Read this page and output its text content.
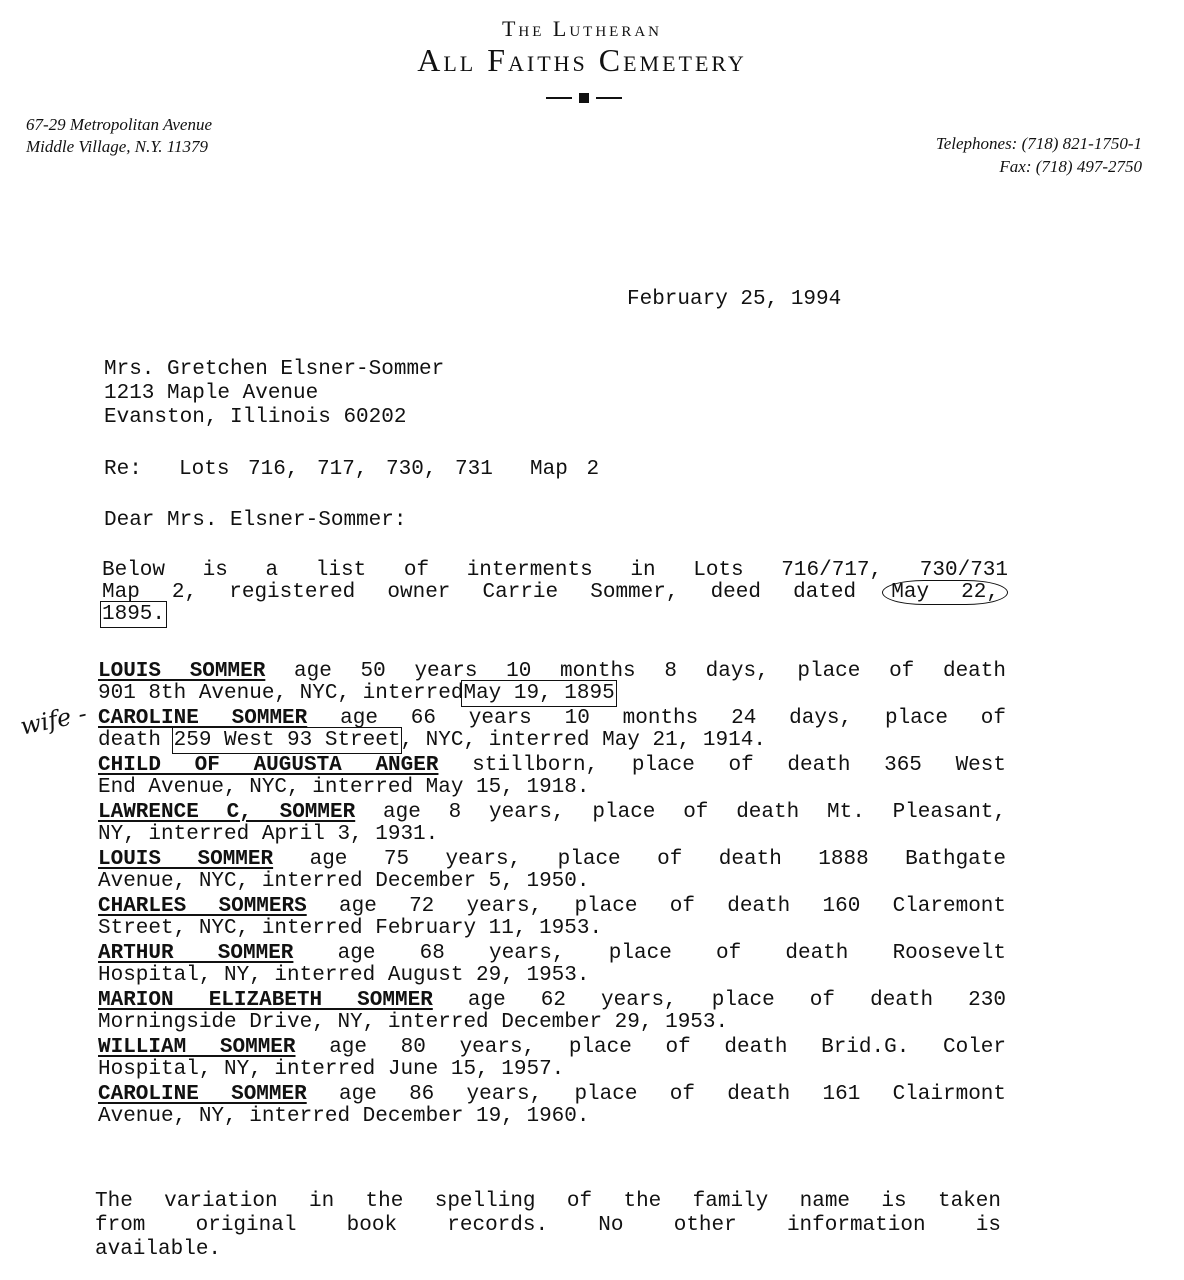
The Lutheran
All Faiths Cemetery
67-29 Metropolitan Avenue
Middle Village, N.Y. 11379	Telephones: (718) 821-1750-1
Fax: (718) 497-2750
February 25, 1994
Mrs. Gretchen Elsner-Sommer
1213 Maple Avenue
Evanston, Illinois 60202
Re:  Lots 716, 717, 730, 731  Map 2
Dear Mrs. Elsner-Sommer:
Below is a list of interments in Lots 716/717, 730/731
Map 2, registered owner Carrie Sommer, deed dated May 22,
1895.
wife -
LOUIS SOMMER age 50 years 10 months 8 days, place of death
901 8th Avenue, NYC, interredMay 19, 1895
CAROLINE SOMMER age 66 years 10 months 24 days, place of
death 259 West 93 Street, NYC, interred May 21, 1914.
CHILD OF AUGUSTA ANGER stillborn, place of death 365 West
End Avenue, NYC, interred May 15, 1918.
LAWRENCE C, SOMMER age 8 years, place of death Mt. Pleasant,
NY, interred April 3, 1931.
LOUIS SOMMER age 75 years, place of death 1888 Bathgate
Avenue, NYC, interred December 5, 1950.
CHARLES SOMMERS age 72 years, place of death 160 Claremont
Street, NYC, interred February 11, 1953.
ARTHUR SOMMER age 68 years, place of death Roosevelt
Hospital, NY, interred August 29, 1953.
MARION ELIZABETH SOMMER age 62 years, place of death 230
Morningside Drive, NY, interred December 29, 1953.
WILLIAM SOMMER age 80 years, place of death Brid.G. Coler
Hospital, NY, interred June 15, 1957.
CAROLINE SOMMER age 86 years, place of death 161 Clairmont
Avenue, NY, interred December 19, 1960.
The variation in the spelling of the family name is taken
from original book records. No other information is
available.
